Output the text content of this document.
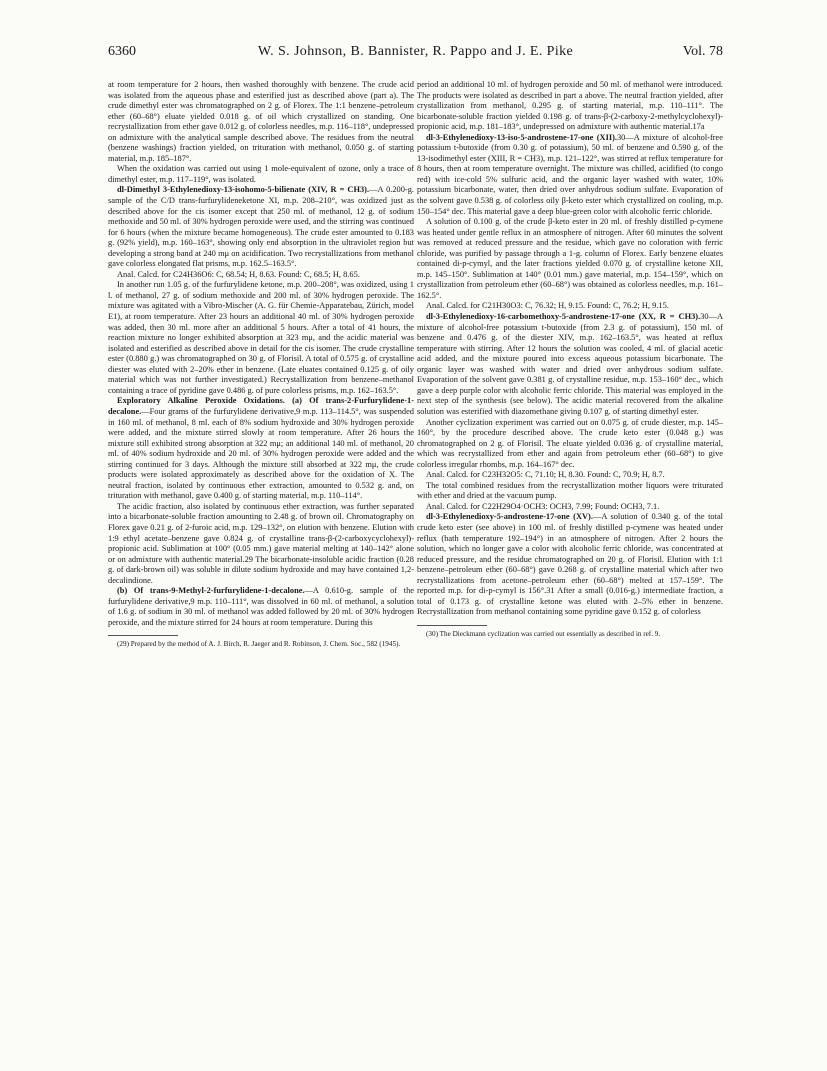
6360	W. S. Johnson, B. Bannister, R. Pappo and J. E. Pike	Vol. 78

at room temperature for 2 hours, then washed thoroughly with benzene. The crude acid was isolated from the aqueous phase and esterified just as described above (part a). The crude dimethyl ester was chromatographed on 2 g. of Florex. The 1:1 benzene–petroleum ether (60–68°) eluate yielded 0.018 g. of oil which crystallized on standing. One recrystallization from ether gave 0.012 g. of colorless needles, m.p. 116–118°, undepressed on admixture with the analytical sample described above. The residues from the neutral (benzene washings) fraction yielded, on trituration with methanol, 0.050 g. of starting material, m.p. 185–187°.

When the oxidation was carried out using 1 mole-equivalent of ozone, only a trace of dimethyl ester, m.p. 117–119°, was isolated.

dl-Dimethyl 3-Ethylenedioxy-13-isohomo-5-bilienate (XIV, R = CH3).—A 0.200-g. sample of the C/D trans-furfurylideneketone XI, m.p. 208–210°, was oxidized just as described above for the cis isomer except that 250 ml. of methanol, 12 g. of sodium methoxide and 50 ml. of 30% hydrogen peroxide were used, and the stirring was continued for 6 hours (when the mixture became homogeneous). The crude ester amounted to 0.183 g. (92% yield), m.p. 160–163°, showing only end absorption in the ultraviolet region but developing a strong band at 240 mμ on acidification. Two recrystallizations from methanol gave colorless elongated flat prisms, m.p. 162.5–163.5°.

Anal. Calcd. for C24H36O6: C, 68.54; H, 8.63. Found: C, 68.5; H, 8.65.

In another run 1.05 g. of the furfurylidene ketone, m.p. 200–208°, was oxidized, using 1 l. of methanol, 27 g. of sodium methoxide and 200 ml. of 30% hydrogen peroxide. The mixture was agitated with a Vibro-Mischer (A. G. für Chemie-Apparatebau, Zürich, model E1), at room temperature. After 23 hours an additional 40 ml. of 30% hydrogen peroxide was added, then 30 ml. more after an additional 5 hours. After a total of 41 hours, the reaction mixture no longer exhibited absorption at 323 mμ, and the acidic material was isolated and esterified as described above in detail for the cis isomer. The crude crystalline ester (0.880 g.) was chromatographed on 30 g. of Florisil. A total of 0.575 g. of crystalline diester was eluted with 2–20% ether in benzene. (Late eluates contained 0.125 g. of oily material which was not further investigated.) Recrystallization from benzene–methanol containing a trace of pyridine gave 0.486 g. of pure colorless prisms, m.p. 162–163.5°.

Exploratory Alkaline Peroxide Oxidations. (a) Of trans-2-Furfurylidene-1-decalone.—Four grams of the furfurylidene derivative,9 m.p. 113–114.5°, was suspended in 160 ml. of methanol, 8 ml. each of 8% sodium hydroxide and 30% hydrogen peroxide were added, and the mixture stirred slowly at room temperature. After 26 hours the mixture still exhibited strong absorption at 322 mμ; an additional 140 ml. of methanol, 20 ml. of 40% sodium hydroxide and 20 ml. of 30% hydrogen peroxide were added and the stirring continued for 3 days. Although the mixture still absorbed at 322 mμ, the crude products were isolated approximately as described above for the oxidation of X. The neutral fraction, isolated by continuous ether extraction, amounted to 0.532 g. and, on trituration with methanol, gave 0.400 g. of starting material, m.p. 110–114°.

The acidic fraction, also isolated by continuous ether extraction, was further separated into a bicarbonate-soluble fraction amounting to 2.48 g. of brown oil. Chromatography on Florex gave 0.21 g. of 2-furoic acid, m.p. 129–132°, on elution with benzene. Elution with 1:9 ethyl acetate–benzene gave 0.824 g. of crystalline trans-β-(2-carboxycyclohexyl)-propionic acid. Sublimation at 100° (0.05 mm.) gave material melting at 140–142° alone or on admixture with authentic material.29 The bicarbonate-insoluble acidic fraction (0.28 g. of dark-brown oil) was soluble in dilute sodium hydroxide and may have contained 1,2-decalindione.

(b) Of trans-9-Methyl-2-furfurylidene-1-decalone.—A 0.610-g. sample of the furfurylidene derivative,9 m.p. 110–111°, was dissolved in 60 ml. of methanol, a solution of 1.6 g. of sodium in 30 ml. of methanol was added followed by 20 ml. of 30% hydrogen peroxide, and the mixture stirred for 24 hours at room temperature. During this

(29) Prepared by the method of A. J. Birch, R. Jaeger and R. Robinson, J. Chem. Soc., 582 (1945).

period an additional 10 ml. of hydrogen peroxide and 50 ml. of methanol were introduced. The products were isolated as described in part a above. The neutral fraction yielded, after crystallization from methanol, 0.295 g. of starting material, m.p. 110–111°. The bicarbonate-soluble fraction yielded 0.198 g. of trans-β-(2-carboxy-2-methylcyclohexyl)-propionic acid, m.p. 181–183°, undepressed on admixture with authentic material.17a

dl-3-Ethylenedioxy-13-iso-5-androstene-17-one (XII).30—A mixture of alcohol-free potassium t-butoxide (from 0.30 g. of potassium), 50 ml. of benzene and 0.590 g. of the 13-isodimethyl ester (XIII, R = CH3), m.p. 121–122°, was stirred at reflux temperature for 8 hours, then at room temperature overnight. The mixture was chilled, acidified (to congo red) with ice-cold 5% sulfuric acid, and the organic layer washed with water, 10% potassium bicarbonate, water, then dried over anhydrous sodium sulfate. Evaporation of the solvent gave 0.538 g. of colorless oily β-keto ester which crystallized on cooling, m.p. 150–154° dec. This material gave a deep blue-green color with alcoholic ferric chloride.

A solution of 0.100 g. of the crude β-keto ester in 20 ml. of freshly distilled p-cymene was heated under gentle reflux in an atmosphere of nitrogen. After 60 minutes the solvent was removed at reduced pressure and the residue, which gave no coloration with ferric chloride, was purified by passage through a 1-g. column of Florex. Early benzene eluates contained di-p-cymyl, and the later fractions yielded 0.070 g. of crystalline ketone XII, m.p. 145–150°. Sublimation at 140° (0.01 mm.) gave material, m.p. 154–159°, which on crystallization from petroleum ether (60–68°) was obtained as colorless needles, m.p. 161–162.5°.

Anal. Calcd. for C21H30O3: C, 76.32; H, 9.15. Found: C, 76.2; H, 9.15.

dl-3-Ethylenedioxy-16-carbomethoxy-5-androstene-17-one (XX, R = CH3).30—A mixture of alcohol-free potassium t-butoxide (from 2.3 g. of potassium), 150 ml. of benzene and 0.476 g. of the diester XIV, m.p. 162–163.5°, was heated at reflux temperature with stirring. After 12 hours the solution was cooled, 4 ml. of glacial acetic acid added, and the mixture poured into excess aqueous potassium bicarbonate. The organic layer was washed with water and dried over anhydrous sodium sulfate. Evaporation of the solvent gave 0.381 g. of crystalline residue, m.p. 153–160° dec., which gave a deep purple color with alcoholic ferric chloride. This material was employed in the next step of the synthesis (see below). The acidic material recovered from the alkaline solution was esterified with diazomethane giving 0.107 g. of starting dimethyl ester.

Another cyclization experiment was carried out on 0.075 g. of crude diester, m.p. 145–160°, by the procedure described above. The crude keto ester (0.048 g.) was chromatographed on 2 g. of Florisil. The eluate yielded 0.036 g. of crystalline material, which was recrystallized from ether and again from petroleum ether (60–68°) to give colorless irregular rhombs, m.p. 164–167° dec.

Anal. Calcd. for C23H32O5: C, 71.10; H, 8.30. Found: C, 70.9; H, 8.7.

The total combined residues from the recrystallization mother liquors were triturated with ether and dried at the vacuum pump.

Anal. Calcd. for C22H29O4·OCH3: OCH3, 7.99; Found: OCH3, 7.1.

dl-3-Ethylenedioxy-5-androstene-17-one (XV).—A solution of 0.340 g. of the total crude keto ester (see above) in 100 ml. of freshly distilled p-cymene was heated under reflux (bath temperature 192–194°) in an atmosphere of nitrogen. After 2 hours the solution, which no longer gave a color with alcoholic ferric chloride, was concentrated at reduced pressure, and the residue chromatographed on 20 g. of Florisil. Elution with 1:1 benzene–petroleum ether (60–68°) gave 0.268 g. of crystalline material which after two recrystallizations from acetone–petroleum ether (60–68°) melted at 157–159°. The reported m.p. for di-p-cymyl is 156°.31 After a small (0.016-g.) intermediate fraction, a total of 0.173 g. of crystalline ketone was eluted with 2–5% ether in benzene. Recrystallization from methanol containing some pyridine gave 0.152 g. of colorless

(30) The Dieckmann cyclization was carried out essentially as described in ref. 9.
